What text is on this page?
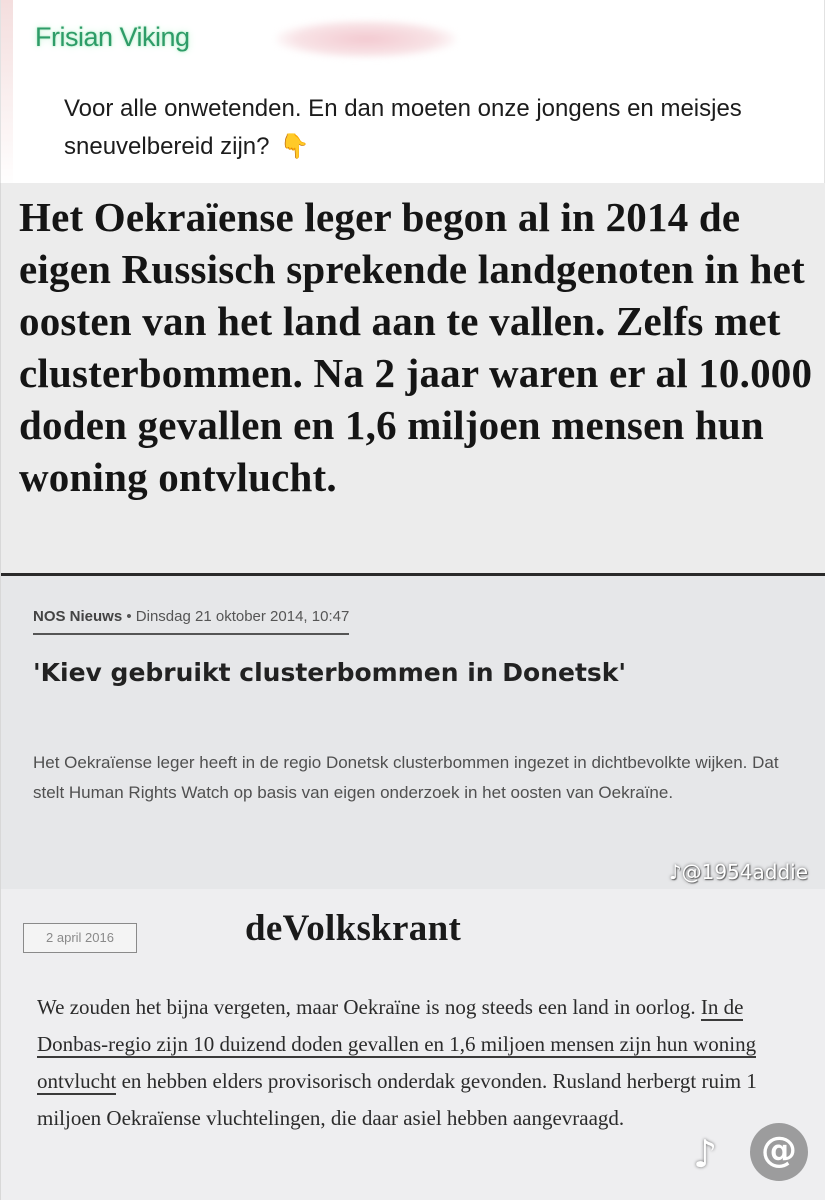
Frisian Viking
Voor alle onwetenden. En dan moeten onze jongens en meisjes sneuvelbereid zijn? 👇
Het Oekraïense leger begon al in 2014 de eigen Russisch sprekende landgenoten in het oosten van het land aan te vallen. Zelfs met clusterbommen. Na 2 jaar waren er al 10.000 doden gevallen en 1,6 miljoen mensen hun woning ontvlucht.
NOS Nieuws • Dinsdag 21 oktober 2014, 10:47
'Kiev gebruikt clusterbommen in Donetsk'
Het Oekraïense leger heeft in de regio Donetsk clusterbommen ingezet in dichtbevolkte wijken. Dat stelt Human Rights Watch op basis van eigen onderzoek in het oosten van Oekraïne.
♪@1954addie
2 april 2016	deVolkskrant
We zouden het bijna vergeten, maar Oekraïne is nog steeds een land in oorlog. In de Donbas-regio zijn 10 duizend doden gevallen en 1,6 miljoen mensen zijn hun woning ontvlucht en hebben elders provisorisch onderdak gevonden. Rusland herbergt ruim 1 miljoen Oekraïense vluchtelingen, die daar asiel hebben aangevraagd.
♪	@
